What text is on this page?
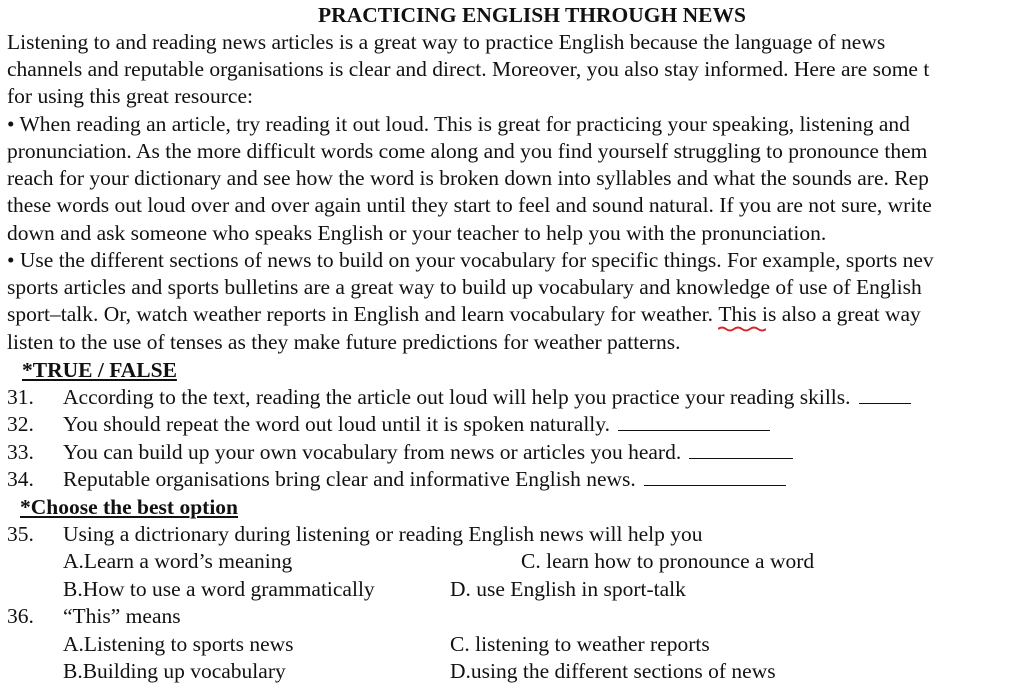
PRACTICING ENGLISH THROUGH NEWS
Listening to and reading news articles is a great way to practice English because the language of news
channels and reputable organisations is clear and direct. Moreover, you also stay informed. Here are some t
for using this great resource:
• When reading an article, try reading it out loud. This is great for practicing your speaking, listening and
pronunciation. As the more difficult words come along and you find yourself struggling to pronounce them
reach for your dictionary and see how the word is broken down into syllables and what the sounds are. Rep
these words out loud over and over again until they start to feel and sound natural. If you are not sure, write
down and ask someone who speaks English or your teacher to help you with the pronunciation.
• Use the different sections of news to build on your vocabulary for specific things. For example, sports nev
sports articles and sports bulletins are a great way to build up vocabulary and knowledge of use of English
sport–talk. Or, watch weather reports in English and learn vocabulary for weather. This
is also a great way
listen to the use of tenses as they make future predictions for weather patterns.
*TRUE / FALSE
31. According to the text, reading the article out loud will help you practice your reading skills.
32. You should repeat the word out loud until it is spoken naturally.
33. You can build up your own vocabulary from news or articles you heard.
34. Reputable organisations bring clear and informative English news.
*Choose the best option
35. Using a dictrionary during listening or reading English news will help you
A.Learn a word’s meaning	C. learn how to pronounce a word
B.How to use a word grammatically	D. use English in sport-talk
36. “This” means
A.Listening to sports news	C. listening to weather reports
B.Building up vocabulary	D.using the different sections of news
